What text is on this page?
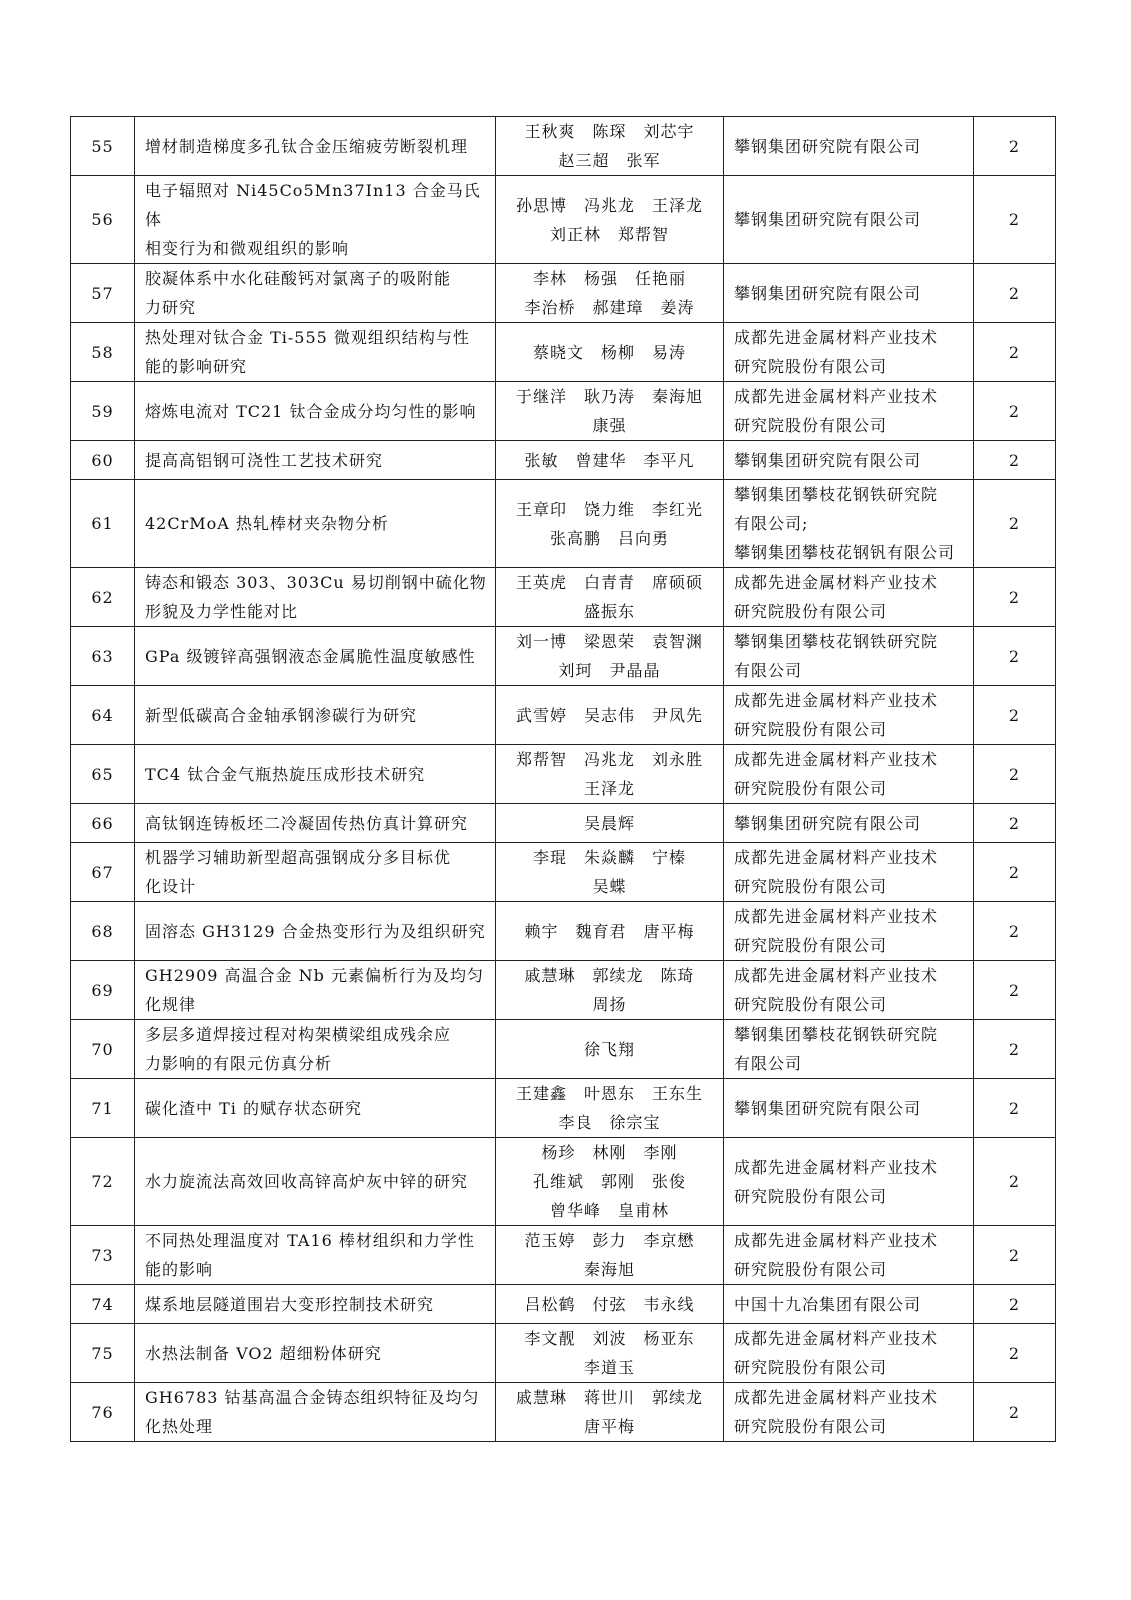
55	增材制造梯度多孔钛合金压缩疲劳断裂机理	王秋爽　陈琛　刘芯宇
赵三超　张军	攀钢集团研究院有限公司	2
56	电子辐照对 Ni45Co5Mn37In13 合金马氏体
相变行为和微观组织的影响	孙思博　冯兆龙　王泽龙
刘正林　郑帮智	攀钢集团研究院有限公司	2
57	胶凝体系中水化硅酸钙对氯离子的吸附能
力研究	李林　杨强　任艳丽
李治桥　郝建璋　姜涛	攀钢集团研究院有限公司	2
58	热处理对钛合金 Ti-555 微观组织结构与性
能的影响研究	蔡晓文　杨柳　易涛	成都先进金属材料产业技术
研究院股份有限公司	2
59	熔炼电流对 TC21 钛合金成分均匀性的影响	于继洋　耿乃涛　秦海旭
康强	成都先进金属材料产业技术
研究院股份有限公司	2
60	提高高铝钢可浇性工艺技术研究	张敏　曾建华　李平凡	攀钢集团研究院有限公司	2
61	42CrMoA 热轧棒材夹杂物分析	王章印　饶力维　李红光
张高鹏　吕向勇	攀钢集团攀枝花钢铁研究院
有限公司;
攀钢集团攀枝花钢钒有限公司	2
62	铸态和锻态 303、303Cu 易切削钢中硫化物
形貌及力学性能对比	王英虎　白青青　席硕硕
盛振东	成都先进金属材料产业技术
研究院股份有限公司	2
63	GPa 级镀锌高强钢液态金属脆性温度敏感性	刘一博　梁恩荣　袁智渊
刘珂　尹晶晶	攀钢集团攀枝花钢铁研究院
有限公司	2
64	新型低碳高合金轴承钢渗碳行为研究	武雪婷　吴志伟　尹凤先	成都先进金属材料产业技术
研究院股份有限公司	2
65	TC4 钛合金气瓶热旋压成形技术研究	郑帮智　冯兆龙　刘永胜
王泽龙	成都先进金属材料产业技术
研究院股份有限公司	2
66	高钛钢连铸板坯二冷凝固传热仿真计算研究	吴晨辉	攀钢集团研究院有限公司	2
67	机器学习辅助新型超高强钢成分多目标优
化设计	李琨　朱焱麟　宁榛
吴蝶	成都先进金属材料产业技术
研究院股份有限公司	2
68	固溶态 GH3129 合金热变形行为及组织研究	赖宇　魏育君　唐平梅	成都先进金属材料产业技术
研究院股份有限公司	2
69	GH2909 高温合金 Nb 元素偏析行为及均匀
化规律	戚慧琳　郭续龙　陈琦
周扬	成都先进金属材料产业技术
研究院股份有限公司	2
70	多层多道焊接过程对构架横梁组成残余应
力影响的有限元仿真分析	徐飞翔	攀钢集团攀枝花钢铁研究院
有限公司	2
71	碳化渣中 Ti 的赋存状态研究	王建鑫　叶恩东　王东生
李良　徐宗宝	攀钢集团研究院有限公司	2
72	水力旋流法高效回收高锌高炉灰中锌的研究	杨珍　林刚　李刚
孔维斌　郭刚　张俊
曾华峰　皇甫林	成都先进金属材料产业技术
研究院股份有限公司	2
73	不同热处理温度对 TA16 棒材组织和力学性
能的影响	范玉婷　彭力　李京懋
秦海旭	成都先进金属材料产业技术
研究院股份有限公司	2
74	煤系地层隧道围岩大变形控制技术研究	吕松鹤　付弦　韦永线	中国十九冶集团有限公司	2
75	水热法制备 VO2 超细粉体研究	李文靓　刘波　杨亚东
李道玉	成都先进金属材料产业技术
研究院股份有限公司	2
76	GH6783 钴基高温合金铸态组织特征及均匀
化热处理	戚慧琳　蒋世川　郭续龙
唐平梅	成都先进金属材料产业技术
研究院股份有限公司	2
